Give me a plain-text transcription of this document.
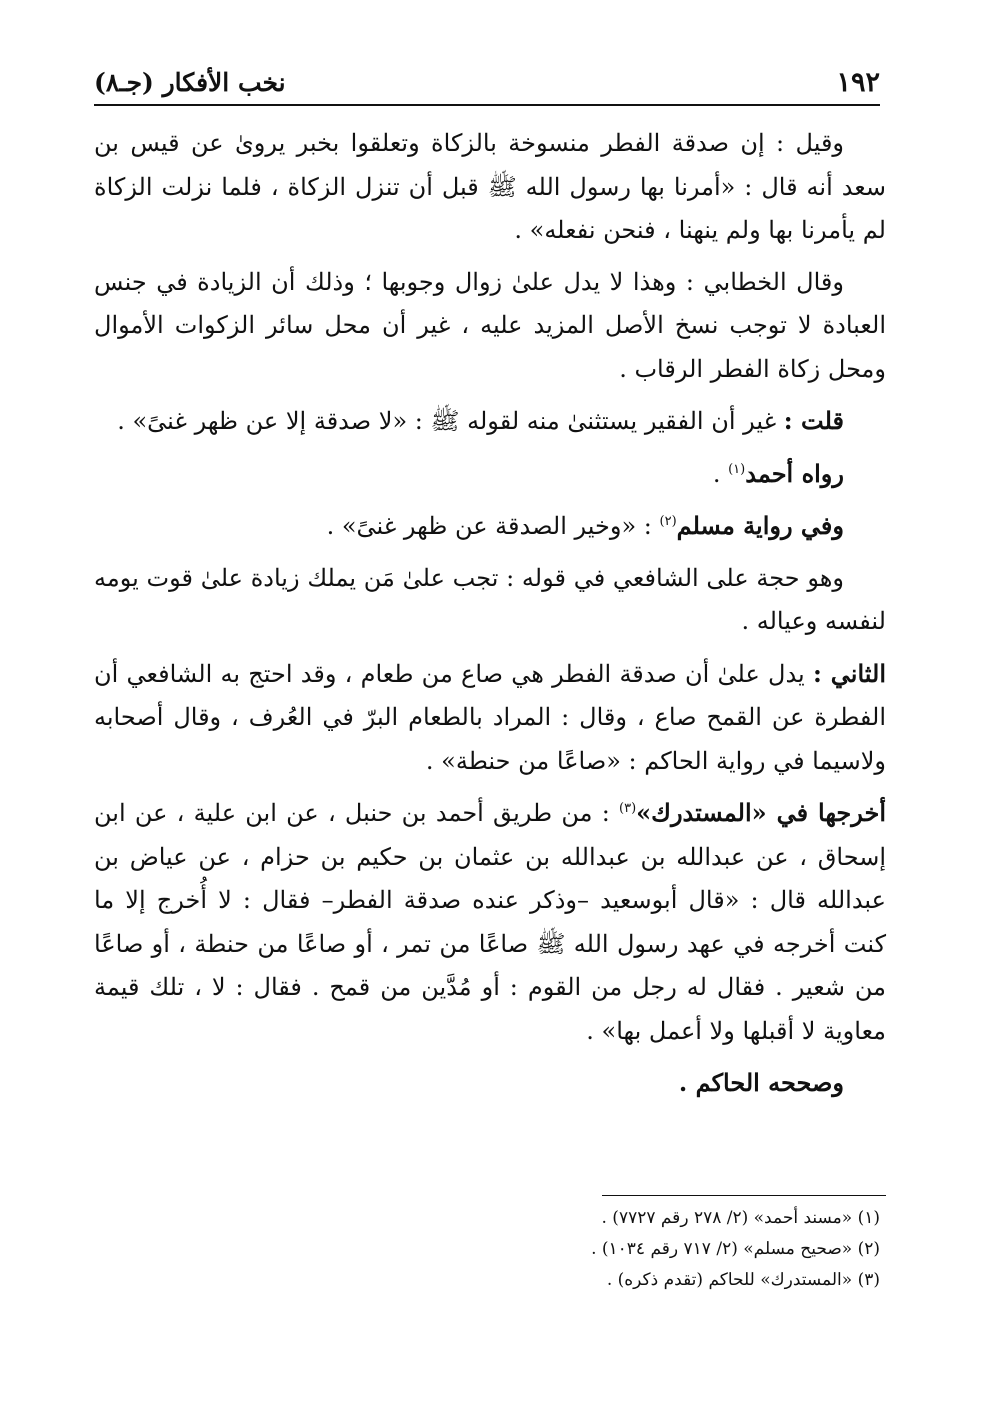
١٩٢
نخب الأفكار (جـ٨)

وقيل : إن صدقة الفطر منسوخة بالزكاة وتعلقوا بخبر يروىٰ عن قيس بن سعد أنه قال : «أمرنا بها رسول الله ﷺ قبل أن تنزل الزكاة ، فلما نزلت الزكاة لم يأمرنا بها ولم ينهنا ، فنحن نفعله» .

وقال الخطابي : وهذا لا يدل علىٰ زوال وجوبها ؛ وذلك أن الزيادة في جنس العبادة لا توجب نسخ الأصل المزيد عليه ، غير أن محل سائر الزكوات الأموال ومحل زكاة الفطر الرقاب .

قلت : غير أن الفقير يستثنىٰ منه لقوله ﷺ : «لا صدقة إلا عن ظهر غنىً» .

رواه أحمد$^{(١)}$ .

وفي رواية مسلم$^{(٢)}$ : «وخير الصدقة عن ظهر غنىً» .

وهو حجة على الشافعي في قوله : تجب علىٰ مَن يملك زيادة علىٰ قوت يومه لنفسه وعياله .

الثاني : يدل علىٰ أن صدقة الفطر هي صاع من طعام ، وقد احتج به الشافعي أن الفطرة عن القمح صاع ، وقال : المراد بالطعام البرّ في العُرف ، وقال أصحابه ولاسيما في رواية الحاكم : «صاعًا من حنطة» .

أخرجها في «المستدرك»$^{(٣)}$ : من طريق أحمد بن حنبل ، عن ابن علية ، عن ابن إسحاق ، عن عبدالله بن عبدالله بن عثمان بن حكيم بن حزام ، عن عياض بن عبدالله قال : «قال أبوسعيد –وذكر عنده صدقة الفطر– فقال : لا أُخرج إلا ما كنت أخرجه في عهد رسول الله ﷺ صاعًا من تمر ، أو صاعًا من حنطة ، أو صاعًا من شعير . فقال له رجل من القوم : أو مُدَّين من قمح . فقال : لا ، تلك قيمة معاوية لا أقبلها ولا أعمل بها» .

وصححه الحاكم .

(١) «مسند أحمد» (٢/ ٢٧٨ رقم ٧٧٢٧) .
(٢) «صحيح مسلم» (٢/ ٧١٧ رقم ١٠٣٤) .
(٣) «المستدرك» للحاكم (تقدم ذكره) .
